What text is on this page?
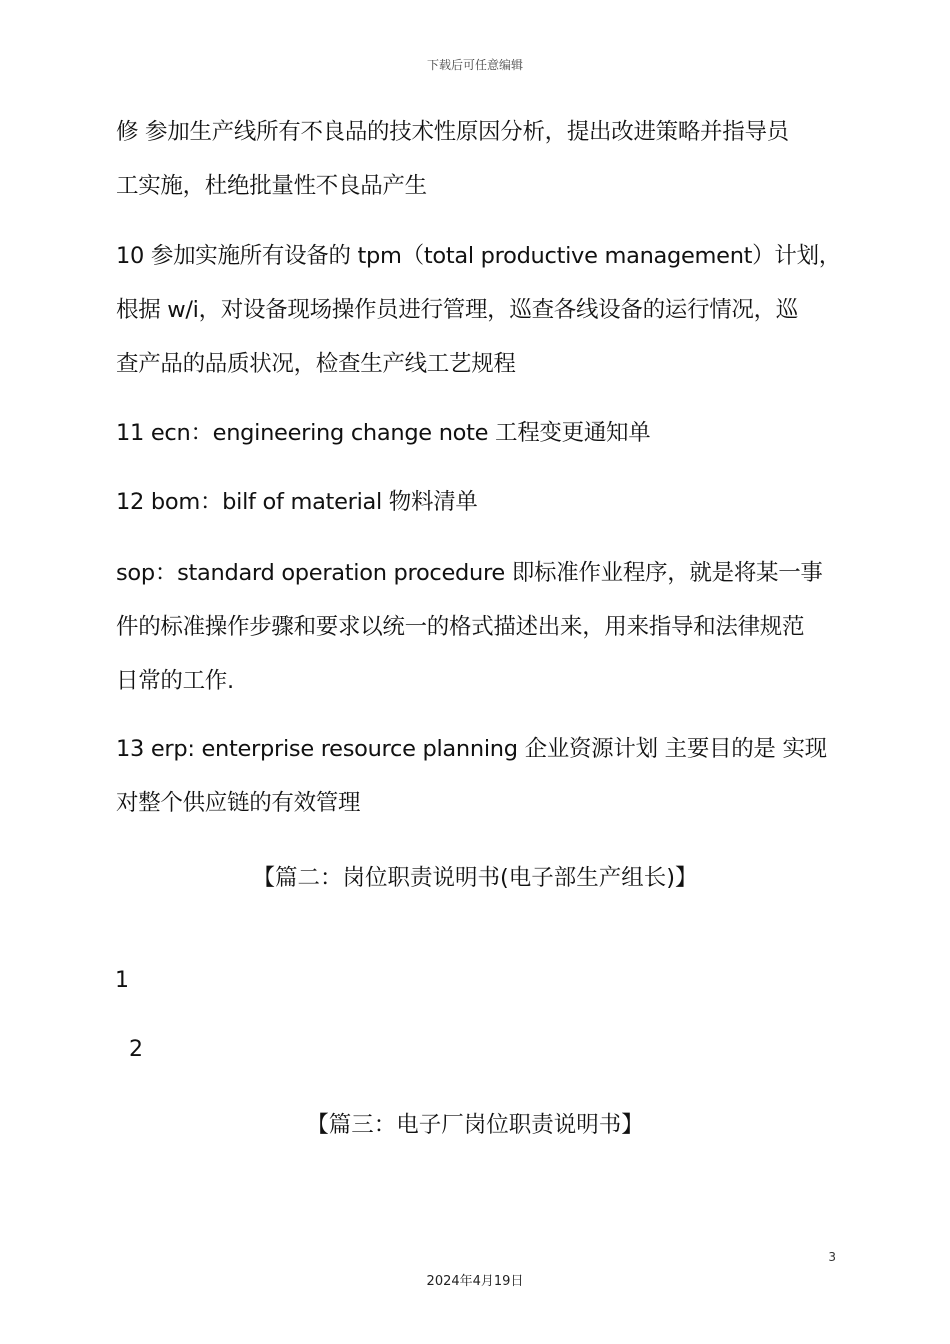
下载后可任意编辑
修 参加生产线所有不良品的技术性原因分析，提出改进策略并指导员
工实施，杜绝批量性不良品产生
10 参加实施所有设备的 tpm（total productive management）计划，
根据 w/i，对设备现场操作员进行管理，巡查各线设备的运行情况，巡
查产品的品质状况，检查生产线工艺规程
11 ecn：engineering change note 工程变更通知单
12 bom：bilf of material 物料清单
sop：standard operation procedure 即标准作业程序，就是将某一事
件的标准操作步骤和要求以统一的格式描述出来，用来指导和法律规范
日常的工作.
13 erp: enterprise resource planning 企业资源计划 主要目的是 实现
对整个供应链的有效管理
【篇二：岗位职责说明书(电子部生产组长)】
1
2
【篇三：电子厂岗位职责说明书】
3
2024年4月19日
